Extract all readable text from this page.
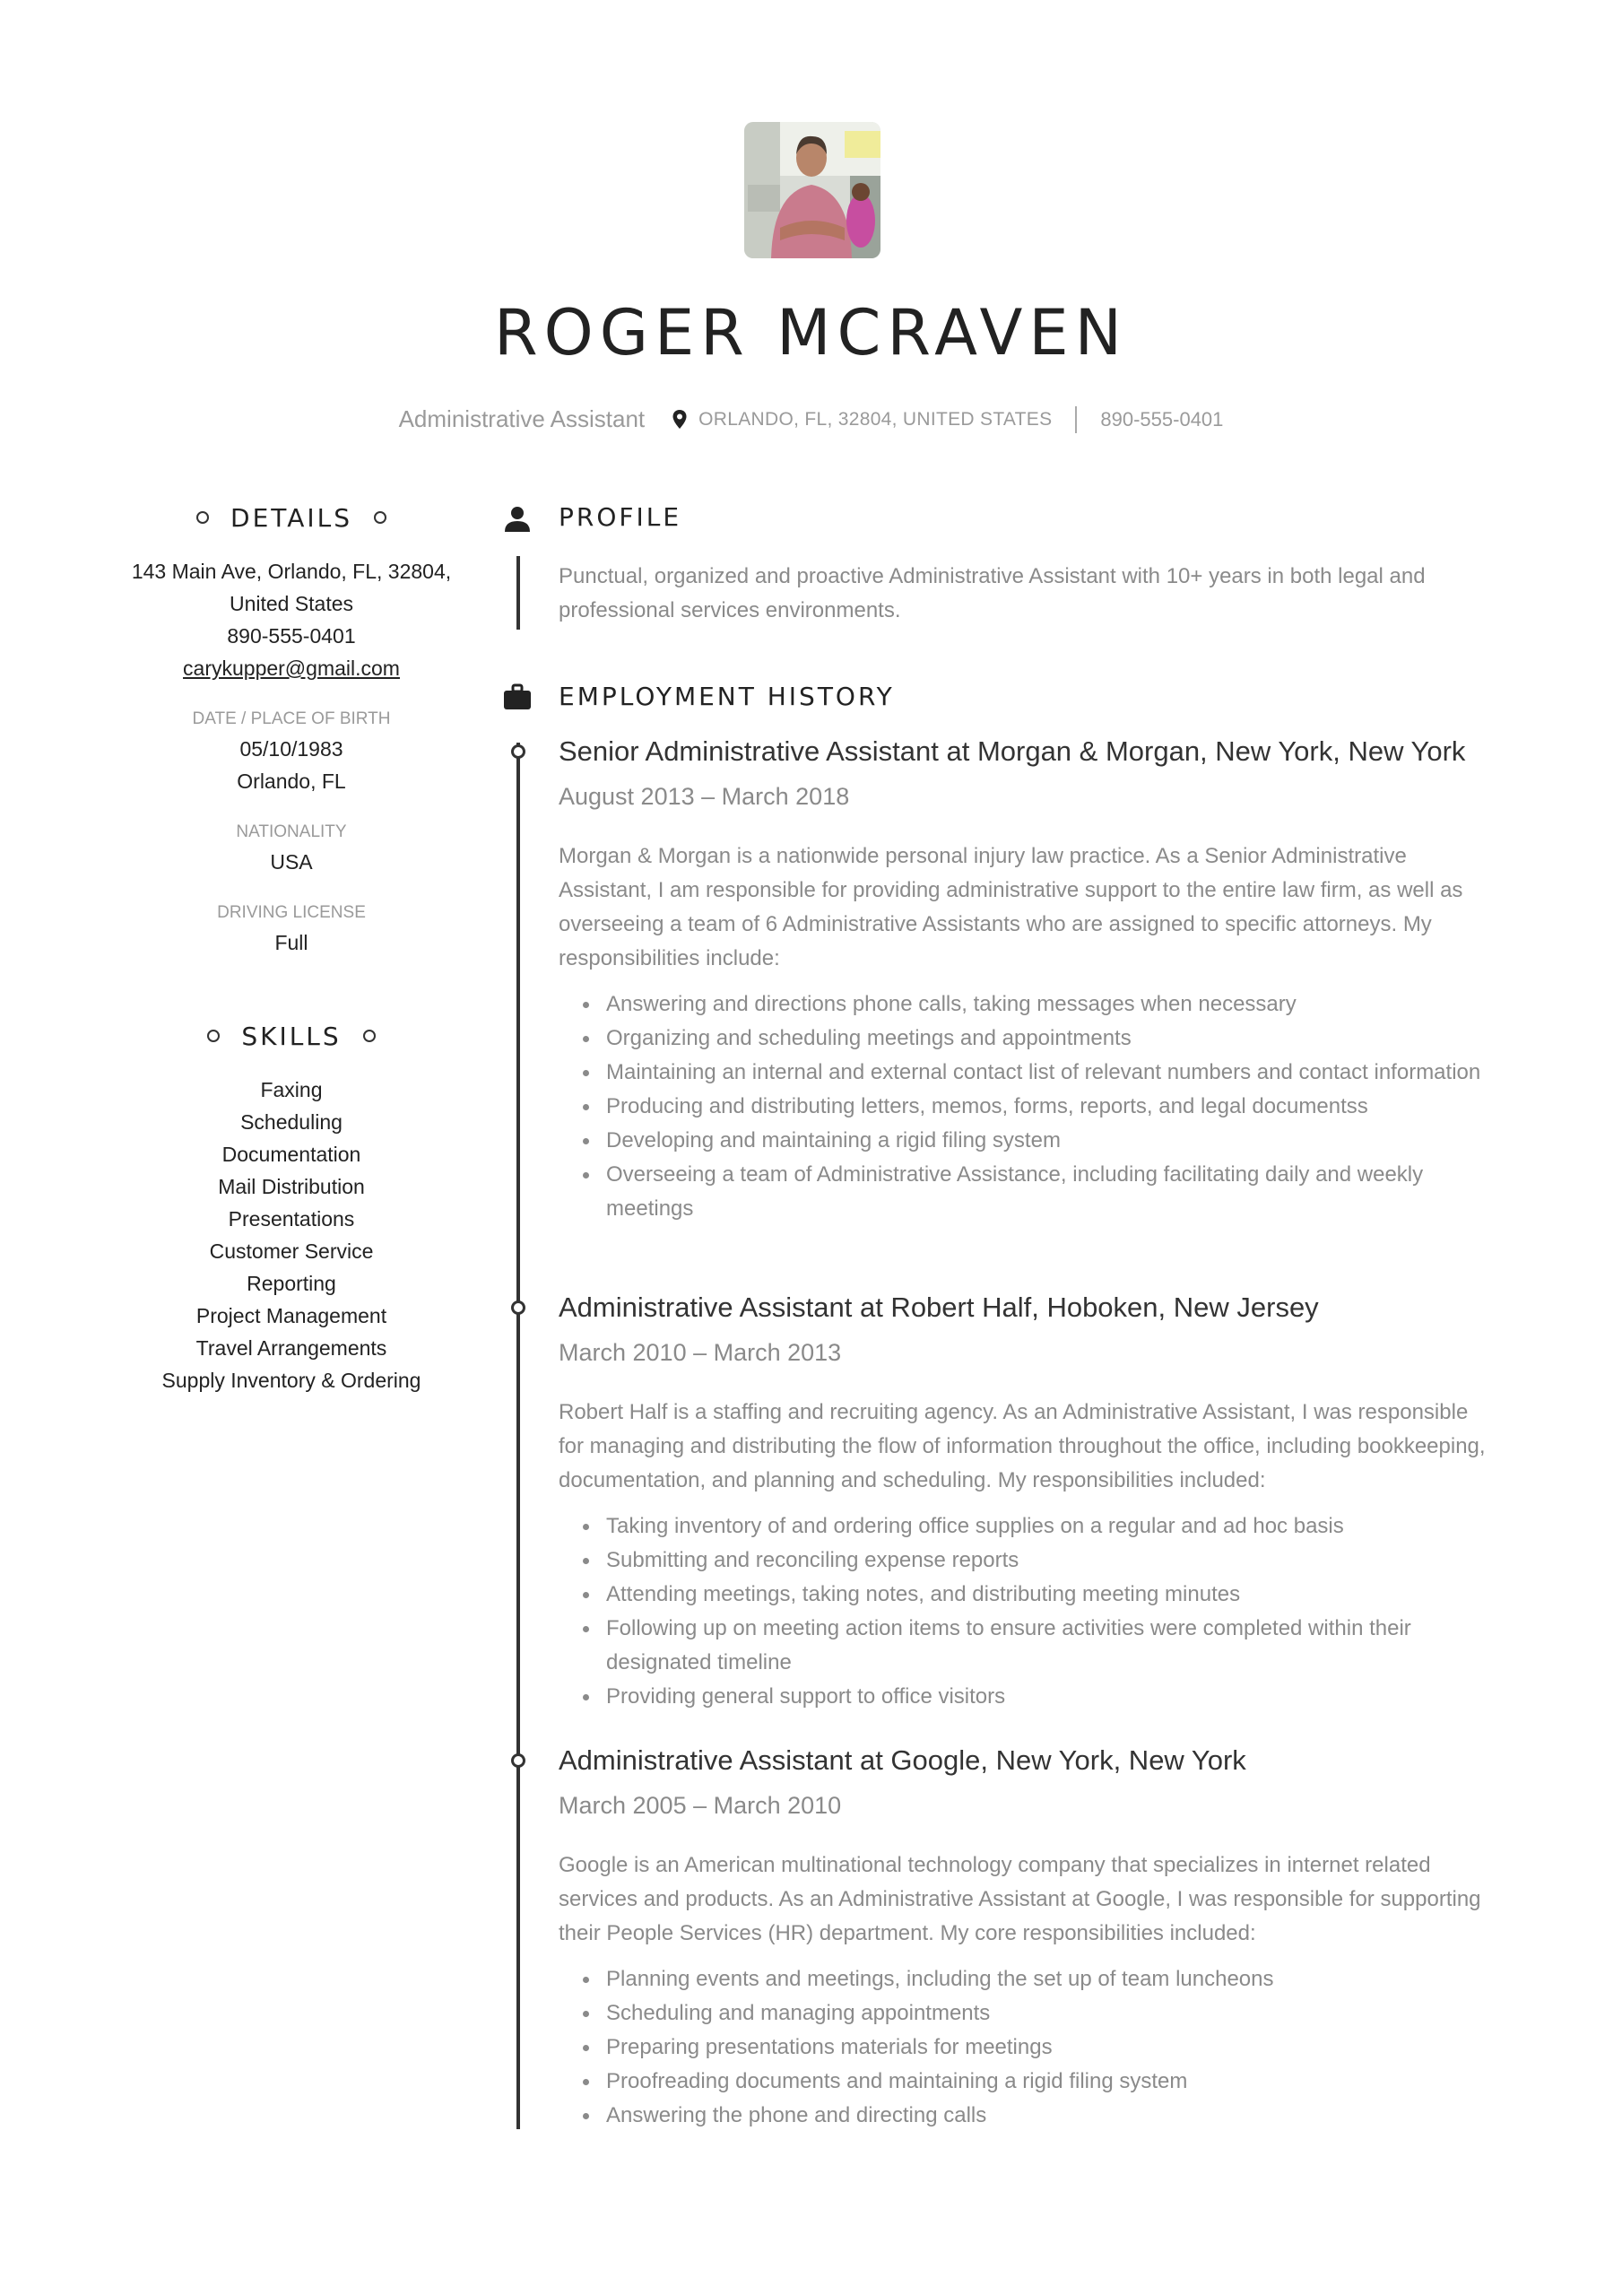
ROGER MCRAVEN
Administrative Assistant	ORLANDO, FL, 32804, UNITED STATES 890-555-0401
DETAILS
143 Main Ave, Orlando, FL, 32804,
United States
890-555-0401
carykupper@gmail.com
DATE / PLACE OF BIRTH
05/10/1983
Orlando, FL
NATIONALITY
USA
DRIVING LICENSE
Full
SKILLS
Faxing
Scheduling
Documentation
Mail Distribution
Presentations
Customer Service
Reporting
Project Management
Travel Arrangements
Supply Inventory & Ordering
PROFILE
Punctual, organized and proactive Administrative Assistant with 10+ years in both legal and professional services environments.
EMPLOYMENT HISTORY
Senior Administrative Assistant at Morgan & Morgan, New York, New York
August 2013 – March 2018
Morgan & Morgan is a nationwide personal injury law practice. As a Senior Administrative Assistant, I am responsible for providing administrative support to the entire law firm, as well as overseeing a team of 6 Administrative Assistants who are assigned to specific attorneys. My responsibilities include:
Answering and directions phone calls, taking messages when necessary
Organizing and scheduling meetings and appointments
Maintaining an internal and external contact list of relevant numbers and contact information
Producing and distributing letters, memos, forms, reports, and legal documentss
Developing and maintaining a rigid filing system
Overseeing a team of Administrative Assistance, including facilitating daily and weekly meetings
Administrative Assistant at Robert Half, Hoboken, New Jersey
March 2010 – March 2013
Robert Half is a staffing and recruiting agency. As an Administrative Assistant, I was responsible for managing and distributing the flow of information throughout the office, including bookkeeping, documentation, and planning and scheduling. My responsibilities included:
Taking inventory of and ordering office supplies on a regular and ad hoc basis
Submitting and reconciling expense reports
Attending meetings, taking notes, and distributing meeting minutes
Following up on meeting action items to ensure activities were completed within their designated timeline
Providing general support to office visitors
Administrative Assistant at Google, New York, New York
March 2005 – March 2010
Google is an American multinational technology company that specializes in internet related services and products. As an Administrative Assistant at Google, I was responsible for supporting their People Services (HR) department. My core responsibilities included:
Planning events and meetings, including the set up of team luncheons
Scheduling and managing appointments
Preparing presentations materials for meetings
Proofreading documents and maintaining a rigid filing system
Answering the phone and directing calls
